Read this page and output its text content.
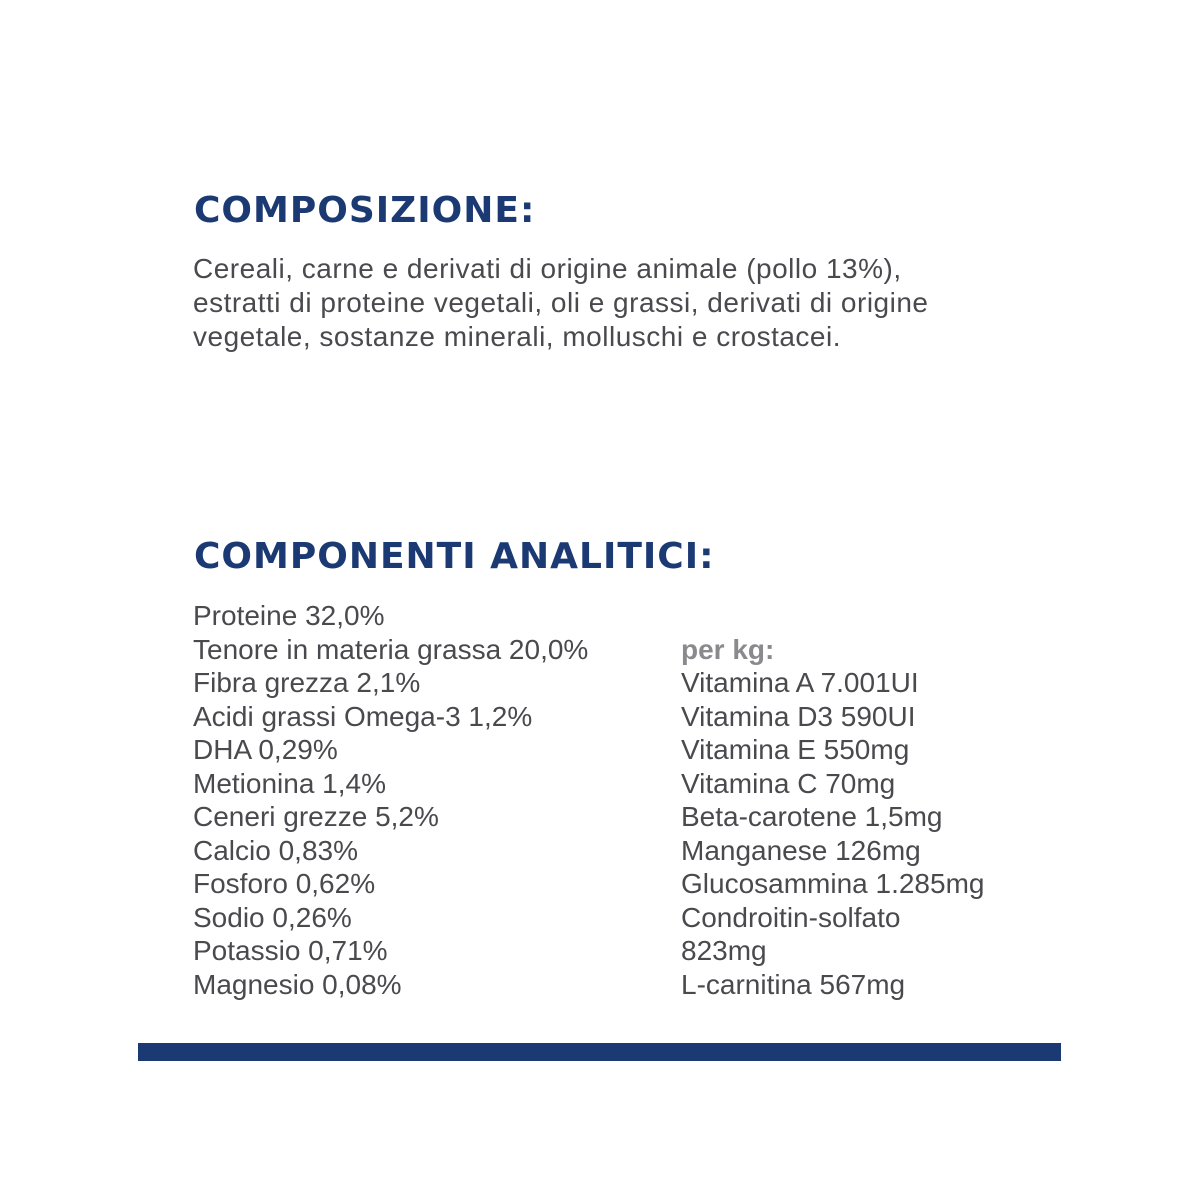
COMPOSIZIONE:

Cereali, carne e derivati di origine animale (pollo 13%), estratti di proteine vegetali, oli e grassi, derivati di origine vegetale, sostanze minerali, molluschi e crostacei.

COMPONENTI ANALITICI:
Proteine 32,0%
Tenore in materia grassa 20,0%
Fibra grezza 2,1%
Acidi grassi Omega-3 1,2%
DHA 0,29%
Metionina 1,4%
Ceneri grezze 5,2%
Calcio 0,83%
Fosforo 0,62%
Sodio 0,26%
Potassio 0,71%
Magnesio 0,08%

per kg:

Vitamina A 7.001UI
Vitamina D3 590UI
Vitamina E 550mg
Vitamina C 70mg
Beta-carotene 1,5mg
Manganese 126mg
Glucosammina 1.285mg
Condroitin-solfato
823mg
L-carnitina 567mg
